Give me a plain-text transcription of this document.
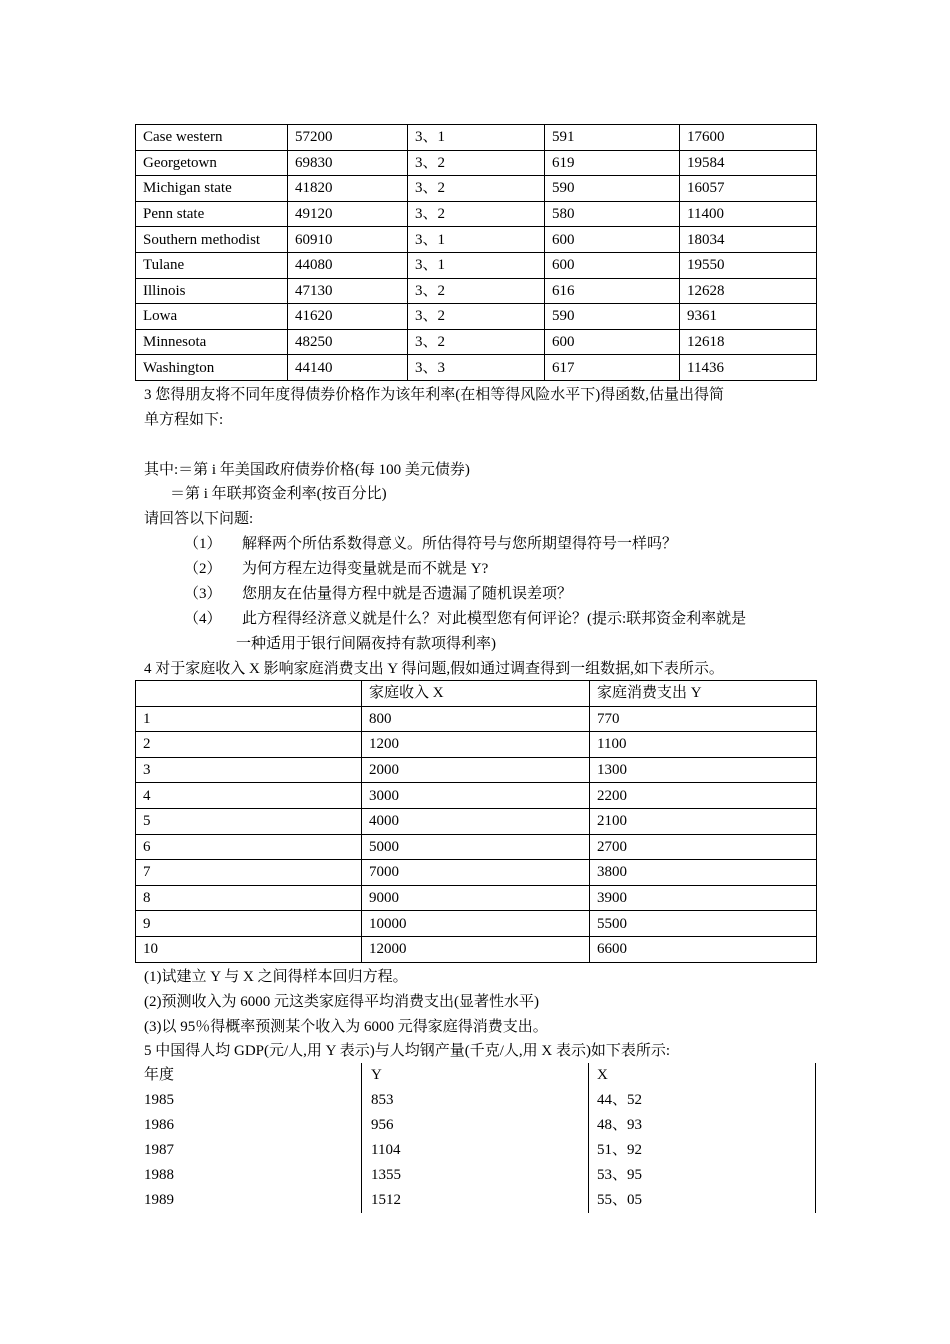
Case western	57200	3、1	591	17600
Georgetown	69830	3、2	619	19584
Michigan state	41820	3、2	590	16057
Penn state	49120	3、2	580	11400
Southern methodist	60910	3、1	600	18034
Tulane	44080	3、1	600	19550
Illinois	47130	3、2	616	12628
Lowa	41620	3、2	590	9361
Minnesota	48250	3、2	600	12618
Washington	44140	3、3	617	11436
3 您得朋友将不同年度得债券价格作为该年利率(在相等得风险水平下)得函数,估量出得简
单方程如下:
其中:＝第 i 年美国政府债券价格(每 100 美元债券)
＝第 i 年联邦资金利率(按百分比)
请回答以下问题:
（1） 解释两个所估系数得意义。所估得符号与您所期望得符号一样吗？
（2） 为何方程左边得变量就是而不就是 Y?
（3） 您朋友在估量得方程中就是否遗漏了随机误差项？
（4） 此方程得经济意义就是什么？对此模型您有何评论？(提示:联邦资金利率就是
一种适用于银行间隔夜持有款项得利率)
4 对于家庭收入 X 影响家庭消费支出 Y 得问题,假如通过调查得到一组数据,如下表所示。
	家庭收入 X	家庭消费支出 Y
1	800	770
2	1200	1100
3	2000	1300
4	3000	2200
5	4000	2100
6	5000	2700
7	7000	3800
8	9000	3900
9	10000	5500
10	12000	6600
(1)试建立 Y 与 X 之间得样本回归方程。
(2)预测收入为 6000 元这类家庭得平均消费支出(显著性水平)
(3)以 95％得概率预测某个收入为 6000 元得家庭得消费支出。
5 中国得人均 GDP(元/人,用 Y 表示)与人均钢产量(千克/人,用 X 表示)如下表所示:
年度	Y	X
1985	853	44、52
1986	956	48、93
1987	1104	51、92
1988	1355	53、95
1989	1512	55、05
